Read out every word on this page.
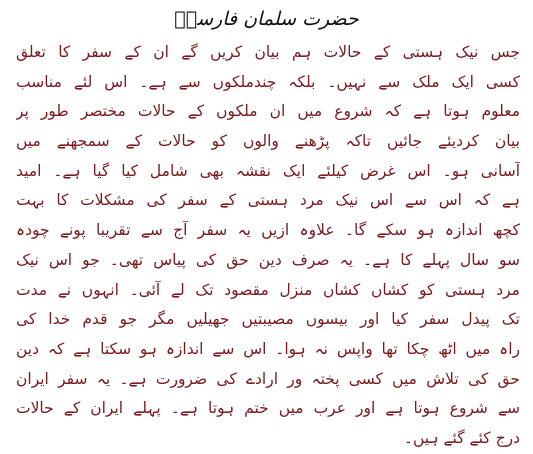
حضرت سلمان فارسیؓ
جس نیک ہستی کے حالات ہم بیان کریں گے ان کے سفر کا تعلق
کسی ایک ملک سے نہیں۔ بلکہ چندملکوں سے ہے۔ اس لئے مناسب
معلوم ہوتا ہے کہ شروع میں ان ملکوں کے حالات مختصر طور پر
بیان کردیئے جائیں تاکہ پڑھنے والوں کو حالات کے سمجھنے میں
آسانی ہو۔ اس غرض کیلئے ایک نقشہ بھی شامل کیا گیا ہے۔ امید
ہے کہ اس سے اس نیک مرد ہستی کے سفر کی مشکلات کا بہت
کچھ اندازہ ہو سکے گا۔ علاوہ ازیں یہ سفر آج سے تقریبا پونے چودہ
سو سال پہلے کا ہے۔ یہ صرف دین حق کی پیاس تھی۔ جو اس نیک
مرد ہستی کو کشاں کشاں منزل مقصود تک لے آئی۔ انہوں نے مدت
تک پیدل سفر کیا اور بیسوں مصیبتیں جھیلیں مگر جو قدم خدا کی
راہ میں اٹھ چکا تھا واپس نہ ہوا۔ اس سے اندازہ ہو سکتا ہے کہ دین
حق کی تلاش میں کسی پختہ ور ارادے کی ضرورت ہے۔ یہ سفر ایران
سے شروع ہوتا ہے اور عرب میں ختم ہوتا ہے۔ پہلے ایران کے حالات
درج کئے گئے ہیں۔
